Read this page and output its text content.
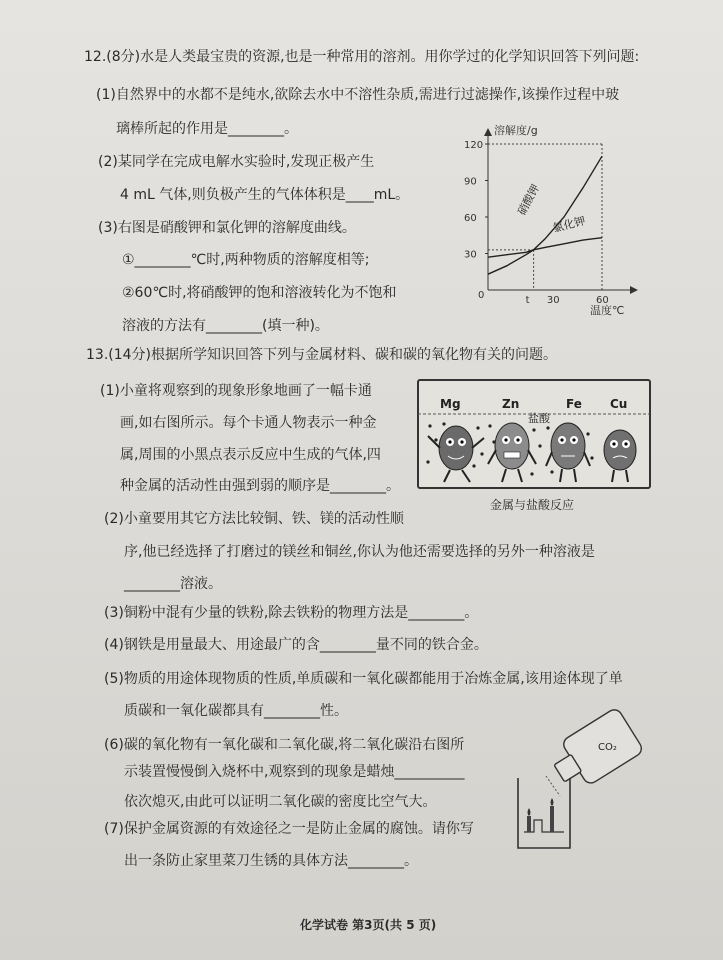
12.(8分)水是人类最宝贵的资源,也是一种常用的溶剂。用你学过的化学知识回答下列问题:
(1)自然界中的水都不是纯水,欲除去水中不溶性杂质,需进行过滤操作,该操作过程中玻
璃棒所起的作用是________。
(2)某同学在完成电解水实验时,发现正极产生
4 mL 气体,则负极产生的气体体积是____mL。
(3)右图是硝酸钾和氯化钾的溶解度曲线。
①________℃时,两种物质的溶解度相等;
②60℃时,将硝酸钾的饱和溶液转化为不饱和
溶液的方法有________(填一种)。
溶解度/g
温度℃
0
120
90
60
30
t 30	60
硝酸钾
氯化钾
13.(14分)根据所学知识回答下列与金属材料、碳和碳的氧化物有关的问题。
(1)小童将观察到的现象形象地画了一幅卡通
画,如右图所示。每个卡通人物表示一种金
属,周围的小黑点表示反应中生成的气体,四
种金属的活动性由强到弱的顺序是________。
Mg	Zn	Fe Cu
盐酸
金属与盐酸反应
(2)小童要用其它方法比较铜、铁、镁的活动性顺
序,他已经选择了打磨过的镁丝和铜丝,你认为他还需要选择的另外一种溶液是
________溶液。
(3)铜粉中混有少量的铁粉,除去铁粉的物理方法是________。
(4)钢铁是用量最大、用途最广的含________量不同的铁合金。
(5)物质的用途体现物质的性质,单质碳和一氧化碳都能用于冶炼金属,该用途体现了单
质碳和一氧化碳都具有________性。
(6)碳的氧化物有一氧化碳和二氧化碳,将二氧化碳沿右图所
示装置慢慢倒入烧杯中,观察到的现象是蜡烛__________
依次熄灭,由此可以证明二氧化碳的密度比空气大。
(7)保护金属资源的有效途径之一是防止金属的腐蚀。请你写
出一条防止家里菜刀生锈的具体方法________。
CO₂
化学试卷 第3页(共 5 页)
